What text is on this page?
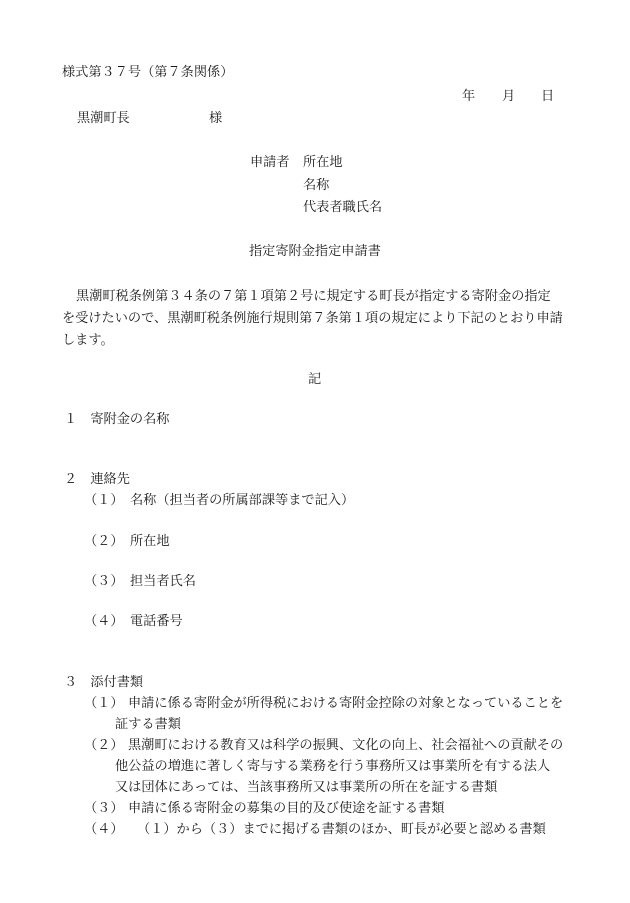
様式第３７号（第７条関係）
年 月 日
黒潮町長	様
申請者 所在地
名称
代表者職氏名
指定寄附金指定申請書
黒潮町税条例第３４条の７第１項第２号に規定する町長が指定する寄附金の指定
を受けたいので、黒潮町税条例施行規則第７条第１項の規定により下記のとおり申請
します。
記
１　寄附金の名称
２　連絡先
（１） 名称（担当者の所属部課等まで記入）
（２） 所在地
（３） 担当者氏名
（４） 電話番号
３　添付書類
（１） 申請に係る寄附金が所得税における寄附金控除の対象となっていることを
証する書類
（２） 黒潮町における教育又は科学の振興、文化の向上、社会福祉への貢献その
他公益の増進に著しく寄与する業務を行う事務所又は事業所を有する法人
又は団体にあっては、当該事務所又は事業所の所在を証する書類
（３） 申請に係る寄附金の募集の目的及び使途を証する書類
（４） （１）から（３）までに掲げる書類のほか、町長が必要と認める書類
